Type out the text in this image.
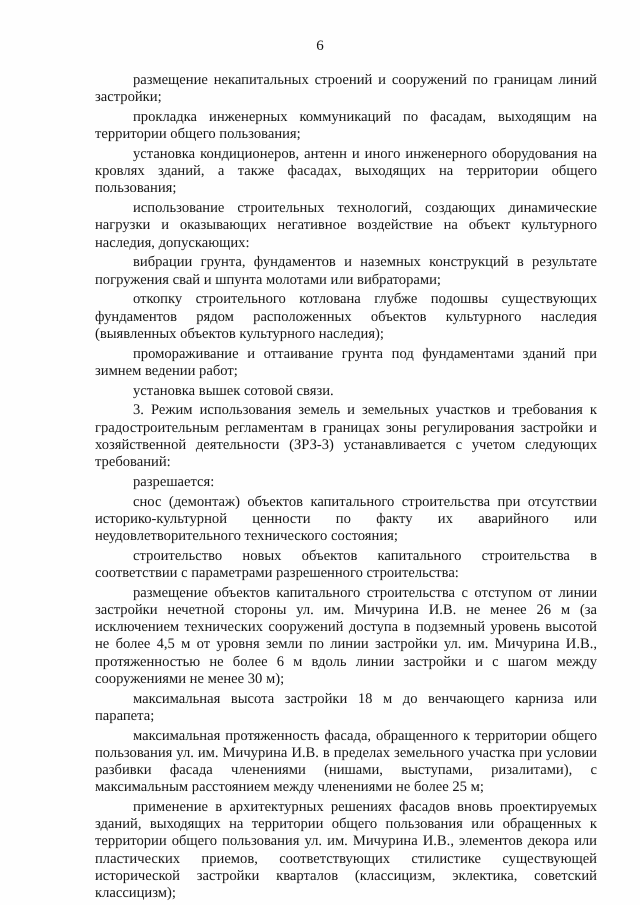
6

размещение некапитальных строений и сооружений по границам линий застройки;

прокладка инженерных коммуникаций по фасадам, выходящим на территории общего пользования;

установка кондиционеров, антенн и иного инженерного оборудования на кровлях зданий, а также фасадах, выходящих на территории общего пользования;

использование строительных технологий, создающих динамические нагрузки и оказывающих негативное воздействие на объект культурного наследия, допускающих:

вибрации грунта, фундаментов и наземных конструкций в результате погружения свай и шпунта молотами или вибраторами;

откопку строительного котлована глубже подошвы существующих фундаментов рядом расположенных объектов культурного наследия (выявленных объектов культурного наследия);

промораживание и оттаивание грунта под фундаментами зданий при зимнем ведении работ;

установка вышек сотовой связи.

3. Режим использования земель и земельных участков и требования к градостроительным регламентам в границах зоны регулирования застройки и хозяйственной деятельности (ЗРЗ-3) устанавливается с учетом следующих требований:

разрешается:

снос (демонтаж) объектов капитального строительства при отсутствии историко-культурной ценности по факту их аварийного или неудовлетворительного технического состояния;

строительство новых объектов капитального строительства в соответствии с параметрами разрешенного строительства:

размещение объектов капитального строительства с отступом от линии застройки нечетной стороны ул. им. Мичурина И.В. не менее 26 м (за исключением технических сооружений доступа в подземный уровень высотой не более 4,5 м от уровня земли по линии застройки ул. им. Мичурина И.В., протяженностью не более 6 м вдоль линии застройки и с шагом между сооружениями не менее 30 м);

максимальная высота застройки 18 м до венчающего карниза или парапета;

максимальная протяженность фасада, обращенного к территории общего пользования ул. им. Мичурина И.В. в пределах земельного участка при условии разбивки фасада членениями (нишами, выступами, ризалитами), с максимальным расстоянием между членениями не более 25 м;

применение в архитектурных решениях фасадов вновь проектируемых зданий, выходящих на территории общего пользования или обращенных к территории общего пользования ул. им. Мичурина И.В., элементов декора или пластических приемов, соответствующих стилистике существующей исторической застройки кварталов (классицизм, эклектика, советский классицизм);
